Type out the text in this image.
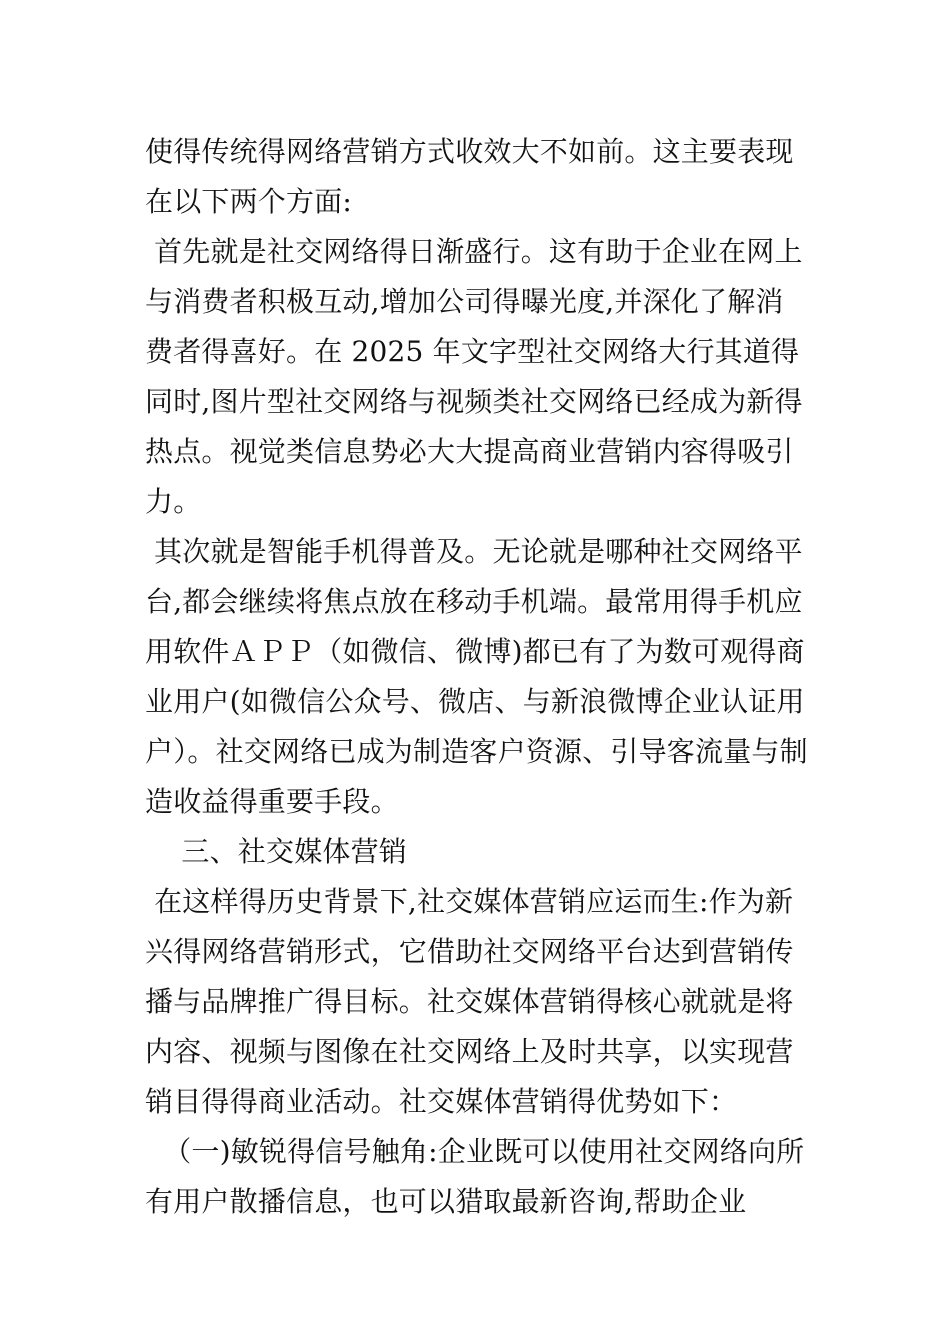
使得传统得网络营销方式收效大不如前。这主要表现在以下两个方面:

首先就是社交网络得日渐盛行。这有助于企业在网上与消费者积极互动,增加公司得曝光度,并深化了解消费者得喜好。在 2025 年文字型社交网络大行其道得同时,图片型社交网络与视频类社交网络已经成为新得热点。视觉类信息势必大大提高商业营销内容得吸引力。

其次就是智能手机得普及。无论就是哪种社交网络平台,都会继续将焦点放在移动手机端。最常用得手机应用软件ＡＰＰ（如微信、微博)都已有了为数可观得商业用户(如微信公众号、微店、与新浪微博企业认证用户）。社交网络已成为制造客户资源、引导客流量与制造收益得重要手段。

三、社交媒体营销

在这样得历史背景下,社交媒体营销应运而生:作为新兴得网络营销形式，它借助社交网络平台达到营销传播与品牌推广得目标。社交媒体营销得核心就就是将内容、视频与图像在社交网络上及时共享，以实现营销目得得商业活动。社交媒体营销得优势如下：

（一)敏锐得信号触角:企业既可以使用社交网络向所有用户散播信息，也可以猎取最新咨询,帮助企业
